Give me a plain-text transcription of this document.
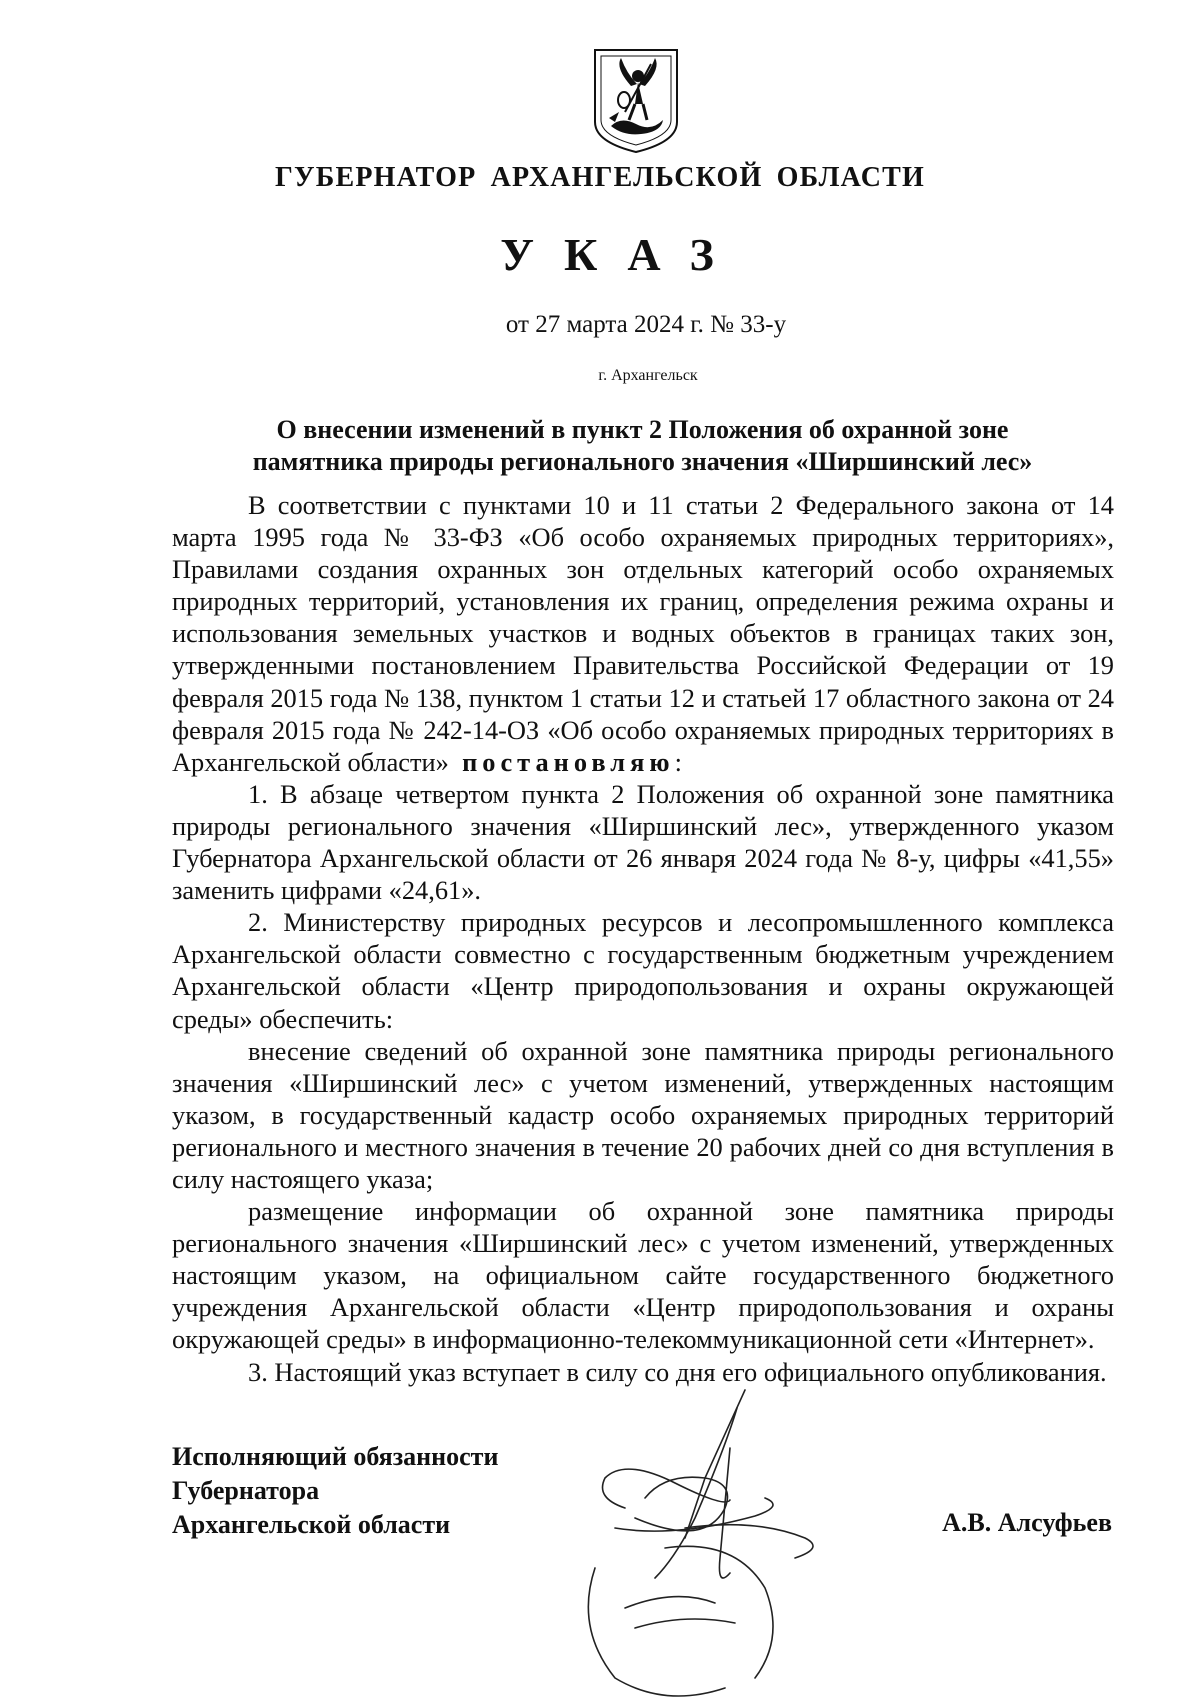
ГУБЕРНАТОР АРХАНГЕЛЬСКОЙ ОБЛАСТИ
УКАЗ
от 27 марта 2024 г. № 33-у
г. Архангельск
О внесении изменений в пункт 2 Положения об охранной зоне
памятника природы регионального значения «Ширшинский лес»

В соответствии с пунктами 10 и 11 статьи 2 Федерального закона от 14 марта 1995 года № 33-ФЗ «Об особо охраняемых природных территориях», Правилами создания охранных зон отдельных категорий особо охраняемых природных территорий, установления их границ, определения режима охраны и использования земельных участков и водных объектов в границах таких зон, утвержденными постановлением Правительства Российской Федерации от 19 февраля 2015 года № 138, пунктом 1 статьи 12 и статьей 17 областного закона от 24 февраля 2015 года № 242-14-ОЗ «Об особо охраняемых природных территориях в Архангельской области» постановляю:

1. В абзаце четвертом пункта 2 Положения об охранной зоне памятника природы регионального значения «Ширшинский лес», утвержденного указом Губернатора Архангельской области от 26 января 2024 года № 8-у, цифры «41,55» заменить цифрами «24,61».

2. Министерству природных ресурсов и лесопромышленного комплекса Архангельской области совместно с государственным бюджетным учреждением Архангельской области «Центр природопользования и охраны окружающей среды» обеспечить:

внесение сведений об охранной зоне памятника природы регионального значения «Ширшинский лес» с учетом изменений, утвержденных настоящим указом, в государственный кадастр особо охраняемых природных территорий регионального и местного значения в течение 20 рабочих дней со дня вступления в силу настоящего указа;

размещение информации об охранной зоне памятника природы регионального значения «Ширшинский лес» с учетом изменений, утвержденных настоящим указом, на официальном сайте государственного бюджетного учреждения Архангельской области «Центр природопользования и охраны окружающей среды» в информационно-телекоммуникационной сети «Интернет».

3. Настоящий указ вступает в силу со дня его официального опубликования.

Исполняющий обязанности
Губернатора
Архангельской области	А.В. Алсуфьев
